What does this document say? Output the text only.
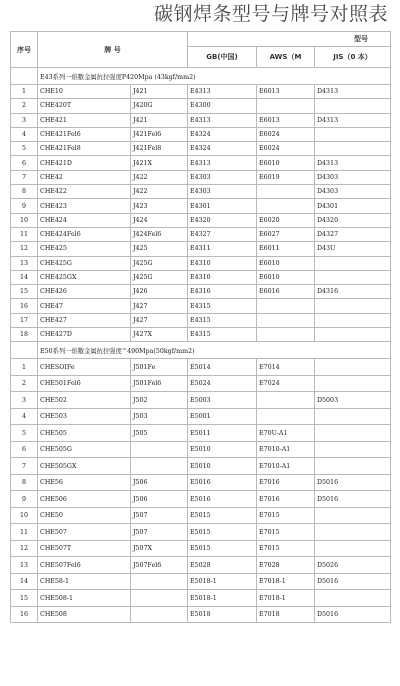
碳钢焊条型号与牌号对照表
序号	牌 号		型号		
			GB(中国)	AWS（M	JIS（0 本）
	E43系列一焰數金属抗拉强度P420Mpa (43kgf/mm2)				
1	CHE10	J421	E4313	E6013	D4313
2	CHE420T	J420G	E4300		
3	CHE421	J421	E4313	E6013	D4313
4	CHE421Fel6	J421Fel6	E4324	E6024	
5	CHE421Fel8	J421Fel8	E4324	E6024	
6	CHE421D	J421X	E4313	E6010	D4313
7	CHE42	J422	E4303	E6019	D4303
8	CHE422	J422	E4303		D4303
9	CHE423	J423	E4301		D4301
10	CHE424	J424	E4320	E6020	D4320
11	CHE424Fel6	J424Fel6	E4327	E6027	D4327
12	CHE425	J425	E4311	E6011	D43U
13	CHE425G	J425G	E4310	E6010	
14	CHE425GX	J425G	E4310	E6010	
15	CHE426	J426	E4316	E6016	D4316
16	CHE47	J427	E4315		
17	CHE427	J427	E4315		
18	CHE427D	J427X	E4315		
	E50系列一焰數金属抗拉强度^490Mpa(50kgf/mm2)				
1	CHESOIFe	J501Fe	E5014	E7014	
2	CHE501Fel6	J501Fel6	E5024	E7024	
3	CHE502	J502	E5003		D5003
4	CHE503	J503	E5001		
5	CHE505	J505	E5011	E70U-A1	
6	CHE505G		E5010	E7010-A1	
7	CHE505GX		E5010	E7010-A1	
8	CHE56	J506	E5016	E7016	D5016
9	CHE506	J506	E5016	E7016	D5016
10	CHE50	J507	E5015	E7015	
11	CHE507	J507	E5015	E7015	
12	CHE507T	J507X	E5015	E7015	
13	CHE507Fel6	J507Fel6	E5028	E7028	D5026
14	CHE58-1		E5018-1	E7018-1	D5016
15	CHE508-1		E5018-1	E7018-1	
16	CHE508		E5018	E7018	D5016
